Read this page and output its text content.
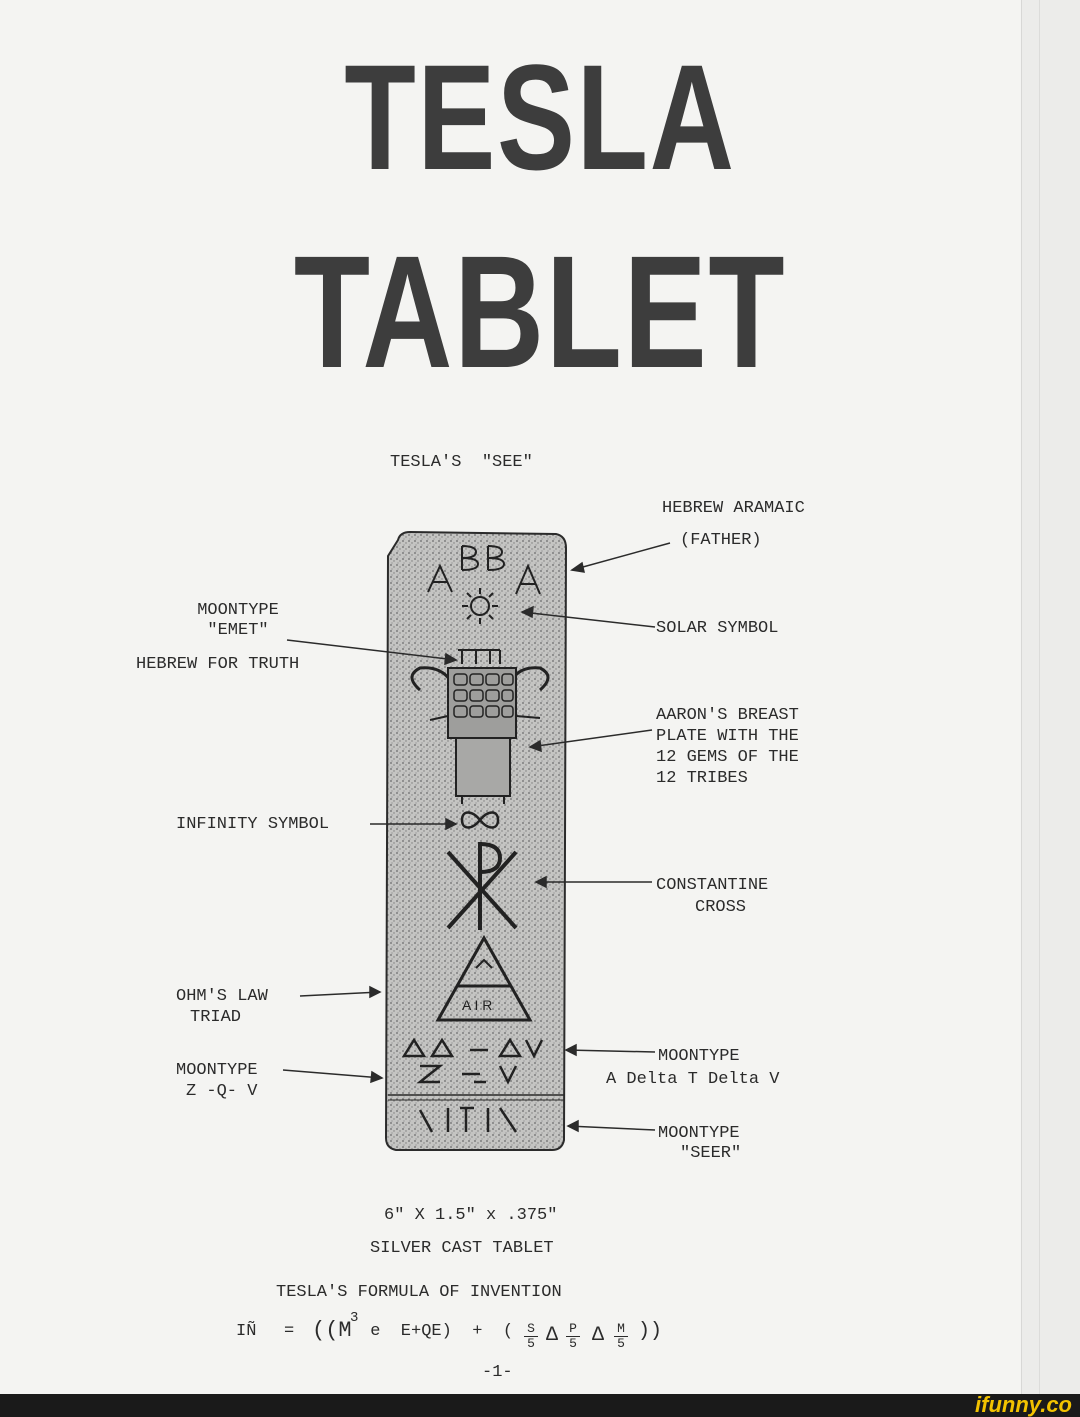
TESLA
TABLET
TESLA'S  "SEE"
A I R
HEBREW ARAMAIC
(FATHER)
MOONTYPE
"EMET"
HEBREW FOR TRUTH
SOLAR SYMBOL
AARON'S BREAST
PLATE WITH THE
12 GEMS OF THE
12 TRIBES
INFINITY SYMBOL
CONSTANTINE
CROSS
OHM'S LAW
TRIAD
MOONTYPE
Z -Q- V
MOONTYPE
A Delta T Delta V
MOONTYPE
"SEER"
6" X 1.5" x .375"
SILVER CAST TABLET
TESLA'S FORMULA OF INVENTION
IÑ = ((M
3
e  E+QE)  +  ( $\frac{S}{5}$ Δ $\frac{P}{5}$ Δ $\frac{M}{5}$ ))
-1-
ifunny.co
